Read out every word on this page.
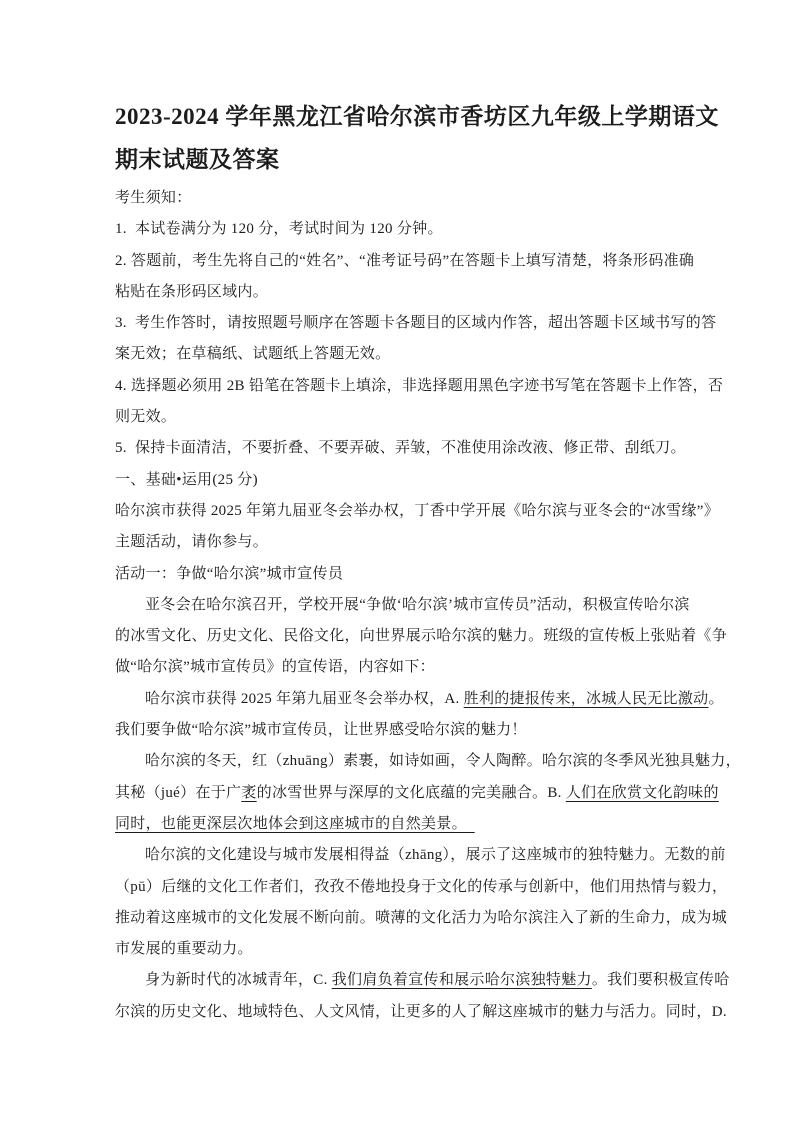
2023-2024 学年黑龙江省哈尔滨市香坊区九年级上学期语文
期末试题及答案
考生须知：
1.  本试卷满分为 120 分，考试时间为 120 分钟。
2. 答题前，考生先将自己的“姓名”、“准考证号码”在答题卡上填写清楚，将条形码准确
粘贴在条形码区域内。
3.  考生作答时，请按照题号顺序在答题卡各题目的区域内作答，超出答题卡区域书写的答
案无效；在草稿纸、试题纸上答题无效。
4. 选择题必须用 2B 铅笔在答题卡上填涂，非选择题用黑色字迹书写笔在答题卡上作答，否
则无效。
5.  保持卡面清洁，不要折叠、不要弄破、弄皱，不准使用涂改液、修正带、刮纸刀。
一、基础•运用(25 分)
哈尔滨市获得 2025 年第九届亚冬会举办权，丁香中学开展《哈尔滨与亚冬会的“冰雪缘”》
主题活动，请你参与。
活动一：争做“哈尔滨”城市宣传员
亚冬会在哈尔滨召开，学校开展“争做‘哈尔滨’城市宣传员”活动，积极宣传哈尔滨
的冰雪文化、历史文化、民俗文化，向世界展示哈尔滨的魅力。班级的宣传板上张贴着《争
做“哈尔滨”城市宣传员》的宣传语，内容如下：
哈尔滨市获得 2025 年第九届亚冬会举办权，A. 胜利的捷报传来，冰城人民无比激动。
我们要争做“哈尔滨”城市宣传员，让世界感受哈尔滨的魅力！
哈尔滨的冬天，红（zhuāng）素裹，如诗如画，令人陶醉。哈尔滨的冬季风光独具魅力，
其秘（jué）在于广袤的冰雪世界与深厚的文化底蕴的完美融合。B. 人们在欣赏文化韵味的
同时，也能更深层次地体会到这座城市的自然美景。　
哈尔滨的文化建设与城市发展相得益（zhāng），展示了这座城市的独特魅力。无数的前
（pū）后继的文化工作者们，孜孜不倦地投身于文化的传承与创新中，他们用热情与毅力，
推动着这座城市的文化发展不断向前。喷薄的文化活力为哈尔滨注入了新的生命力，成为城
市发展的重要动力。
身为新时代的冰城青年，C. 我们肩负着宣传和展示哈尔滨独特魅力。我们要积极宣传哈
尔滨的历史文化、地域特色、人文风情，让更多的人了解这座城市的魅力与活力。同时，D.
